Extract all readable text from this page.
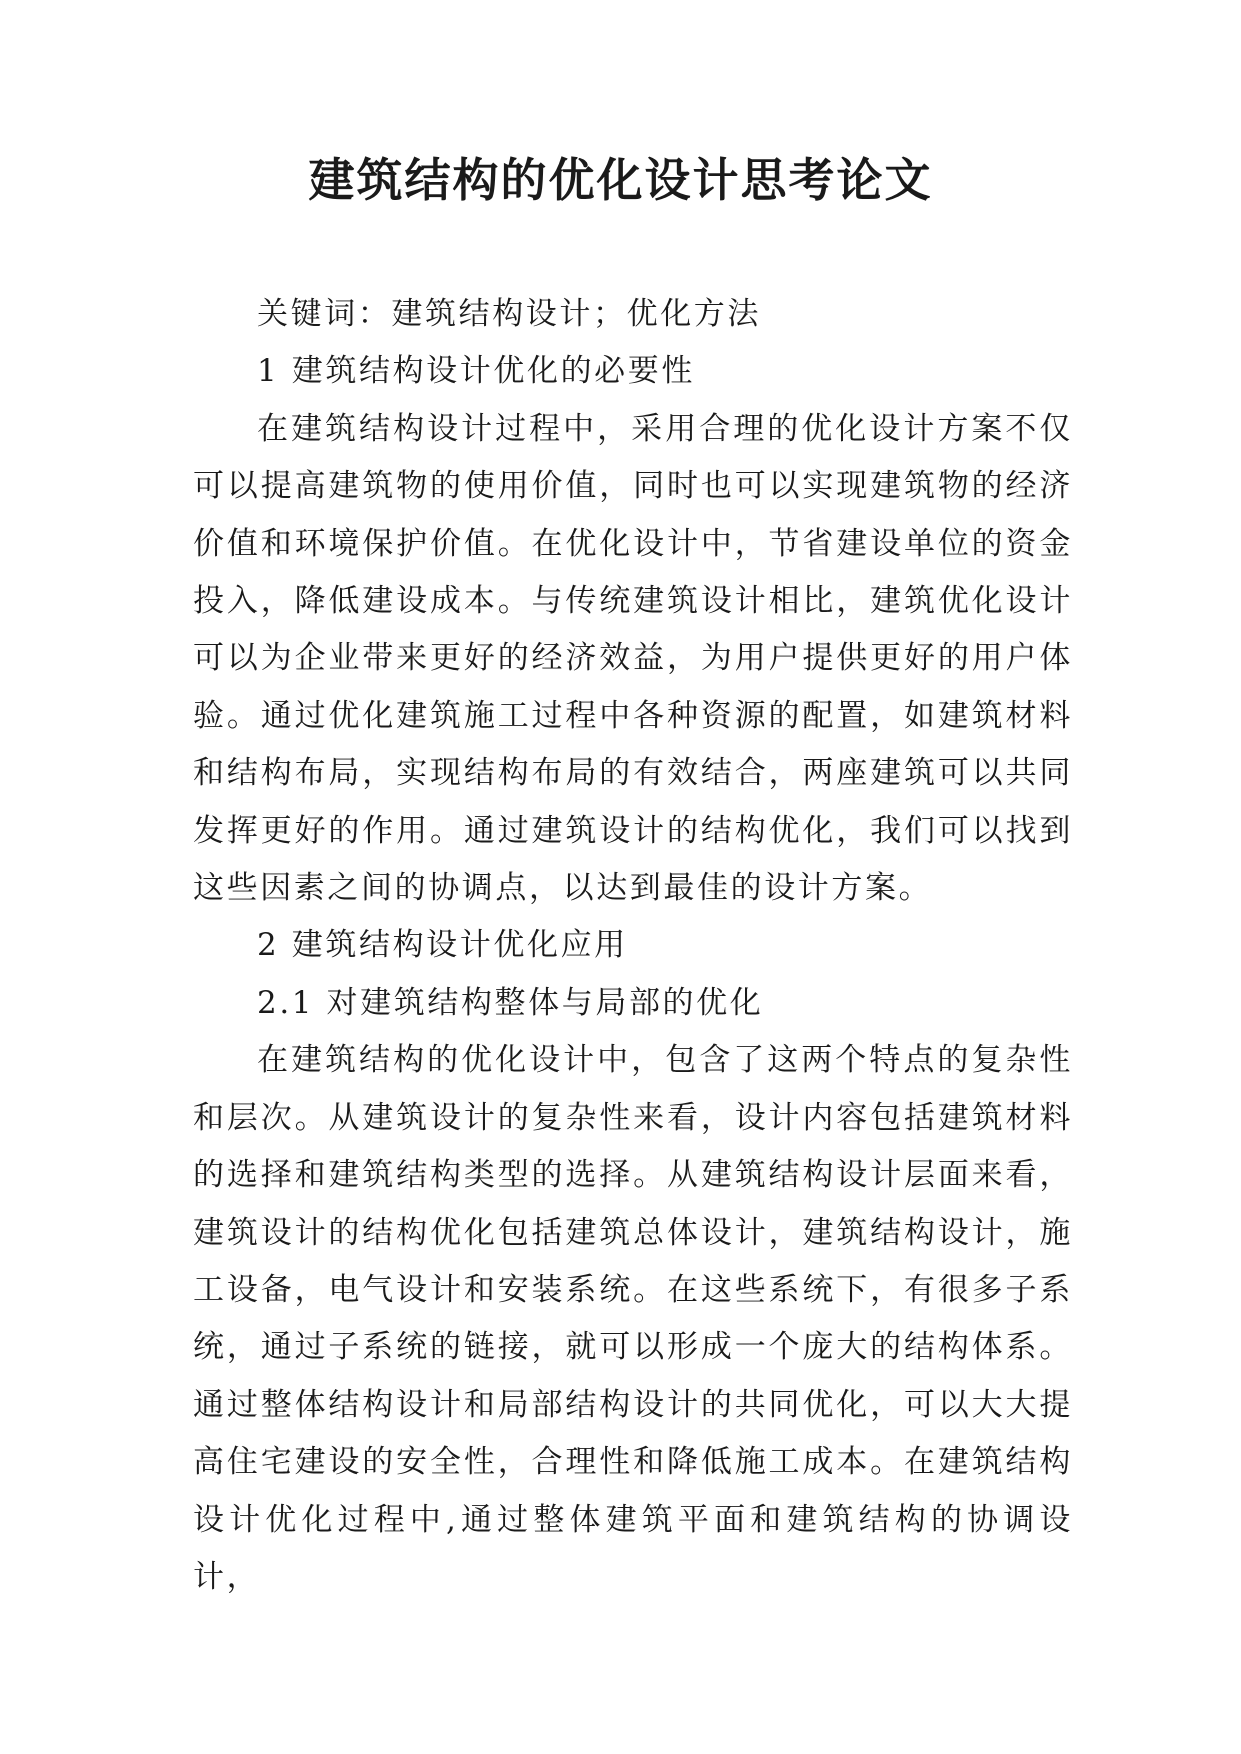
建筑结构的优化设计思考论文

关键词：建筑结构设计；优化方法

1 建筑结构设计优化的必要性

在建筑结构设计过程中，采用合理的优化设计方案不仅可以提高建筑物的使用价值，同时也可以实现建筑物的经济价值和环境保护价值。在优化设计中，节省建设单位的资金投入，降低建设成本。与传统建筑设计相比，建筑优化设计可以为企业带来更好的经济效益，为用户提供更好的用户体验。通过优化建筑施工过程中各种资源的配置，如建筑材料和结构布局，实现结构布局的有效结合，两座建筑可以共同发挥更好的作用。通过建筑设计的结构优化，我们可以找到这些因素之间的协调点，以达到最佳的设计方案。

2 建筑结构设计优化应用

2.1 对建筑结构整体与局部的优化

在建筑结构的优化设计中，包含了这两个特点的复杂性和层次。从建筑设计的复杂性来看，设计内容包括建筑材料的选择和建筑结构类型的选择。从建筑结构设计层面来看，建筑设计的结构优化包括建筑总体设计，建筑结构设计，施工设备，电气设计和安装系统。在这些系统下，有很多子系统，通过子系统的链接，就可以形成一个庞大的结构体系。通过整体结构设计和局部结构设计的共同优化，可以大大提高住宅建设的安全性，合理性和降低施工成本。在建筑结构设计优化过程中,通过整体建筑平面和建筑结构的协调设计，
